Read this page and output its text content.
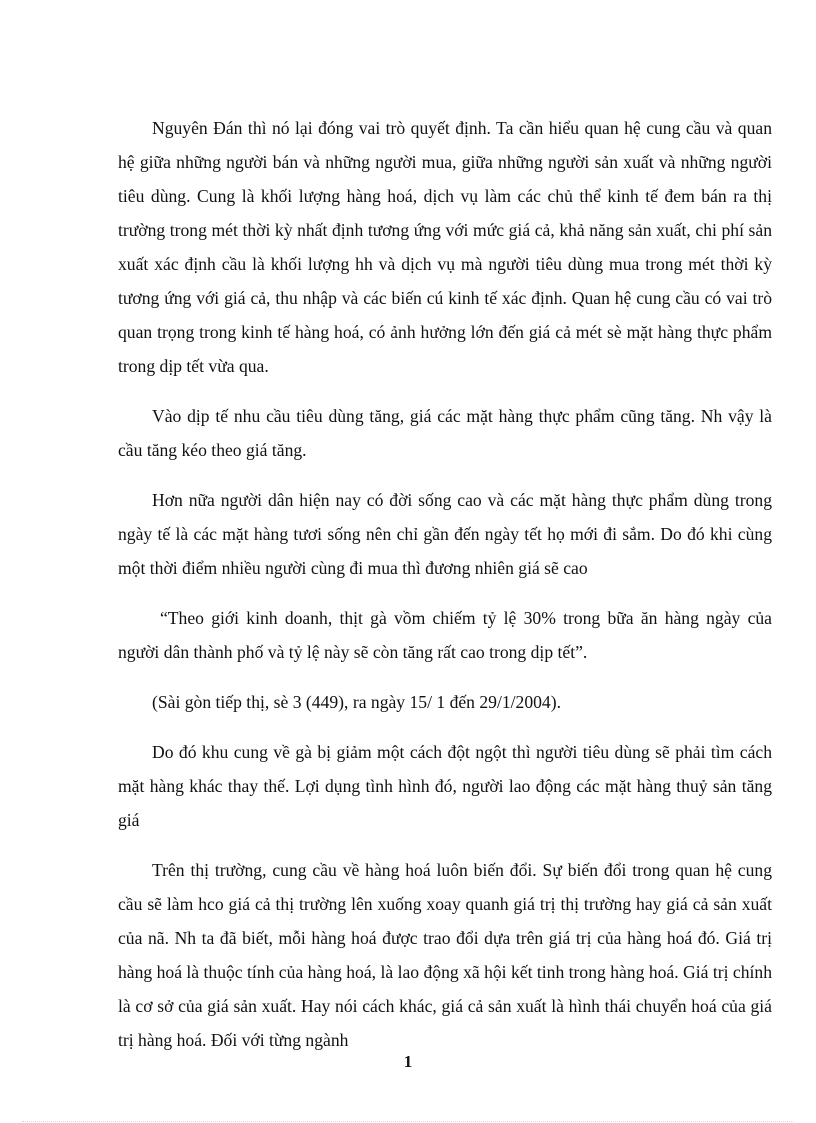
Nguyên Đán thì nó lại đóng vai trò quyết định. Ta cần hiểu quan hệ cung cầu và quan hệ giữa những người bán và những người mua, giữa những người sản xuất và những người tiêu dùng. Cung là khối lượng hàng hoá, dịch vụ làm các chủ thể kinh tế đem bán ra thị trường trong mét thời kỳ nhất định tương ứng với mức giá cả, khả năng sản xuất, chi phí sản xuất xác định cầu là khối lượng hh và dịch vụ mà người tiêu dùng mua trong mét thời kỳ tương ứng với giá cả, thu nhập và các biến cú kinh tế xác định. Quan hệ cung cầu có vai trò quan trọng trong kinh tế hàng hoá, có ảnh hưởng lớn đến giá cả mét sè mặt hàng thực phẩm trong dịp tết vừa qua.

Vào dịp tế nhu cầu tiêu dùng tăng, giá các mặt hàng thực phẩm cũng tăng. Nh vậy là cầu tăng kéo theo giá tăng.

Hơn nữa người dân hiện nay có đời sống cao và các mặt hàng thực phẩm dùng trong ngày tế là các mặt hàng tươi sống nên chỉ gần đến ngày tết họ mới đi sắm. Do đó khi cùng một thời điểm nhiều người cùng đi mua thì đương nhiên giá sẽ cao

“Theo giới kinh doanh, thịt gà vồm chiếm tỷ lệ 30% trong bữa ăn hàng ngày của người dân thành phố và tỷ lệ này sẽ còn tăng rất cao trong dịp tết”.

(Sài gòn tiếp thị, sè 3 (449), ra ngày 15/ 1 đến 29/1/2004).

Do đó khu cung về gà bị giảm một cách đột ngột thì người tiêu dùng sẽ phải tìm cách mặt hàng khác thay thế. Lợi dụng tình hình đó, người lao động các mặt hàng thuỷ sản tăng giá

Trên thị trường, cung cầu về hàng hoá luôn biến đổi. Sự biến đổi trong quan hệ cung cầu sẽ làm hco giá cả thị trường lên xuống xoay quanh giá trị thị trường hay giá cả sản xuất của nã. Nh ta đã biết, mỗi hàng hoá được trao đổi dựa trên giá trị của hàng hoá đó. Giá trị hàng hoá là thuộc tính của hàng hoá, là lao động xã hội kết tinh trong hàng hoá. Giá trị chính là cơ sở của giá sản xuất. Hay nói cách khác, giá cả sản xuất là hình thái chuyển hoá của giá trị hàng hoá. Đối với từng ngành

1
